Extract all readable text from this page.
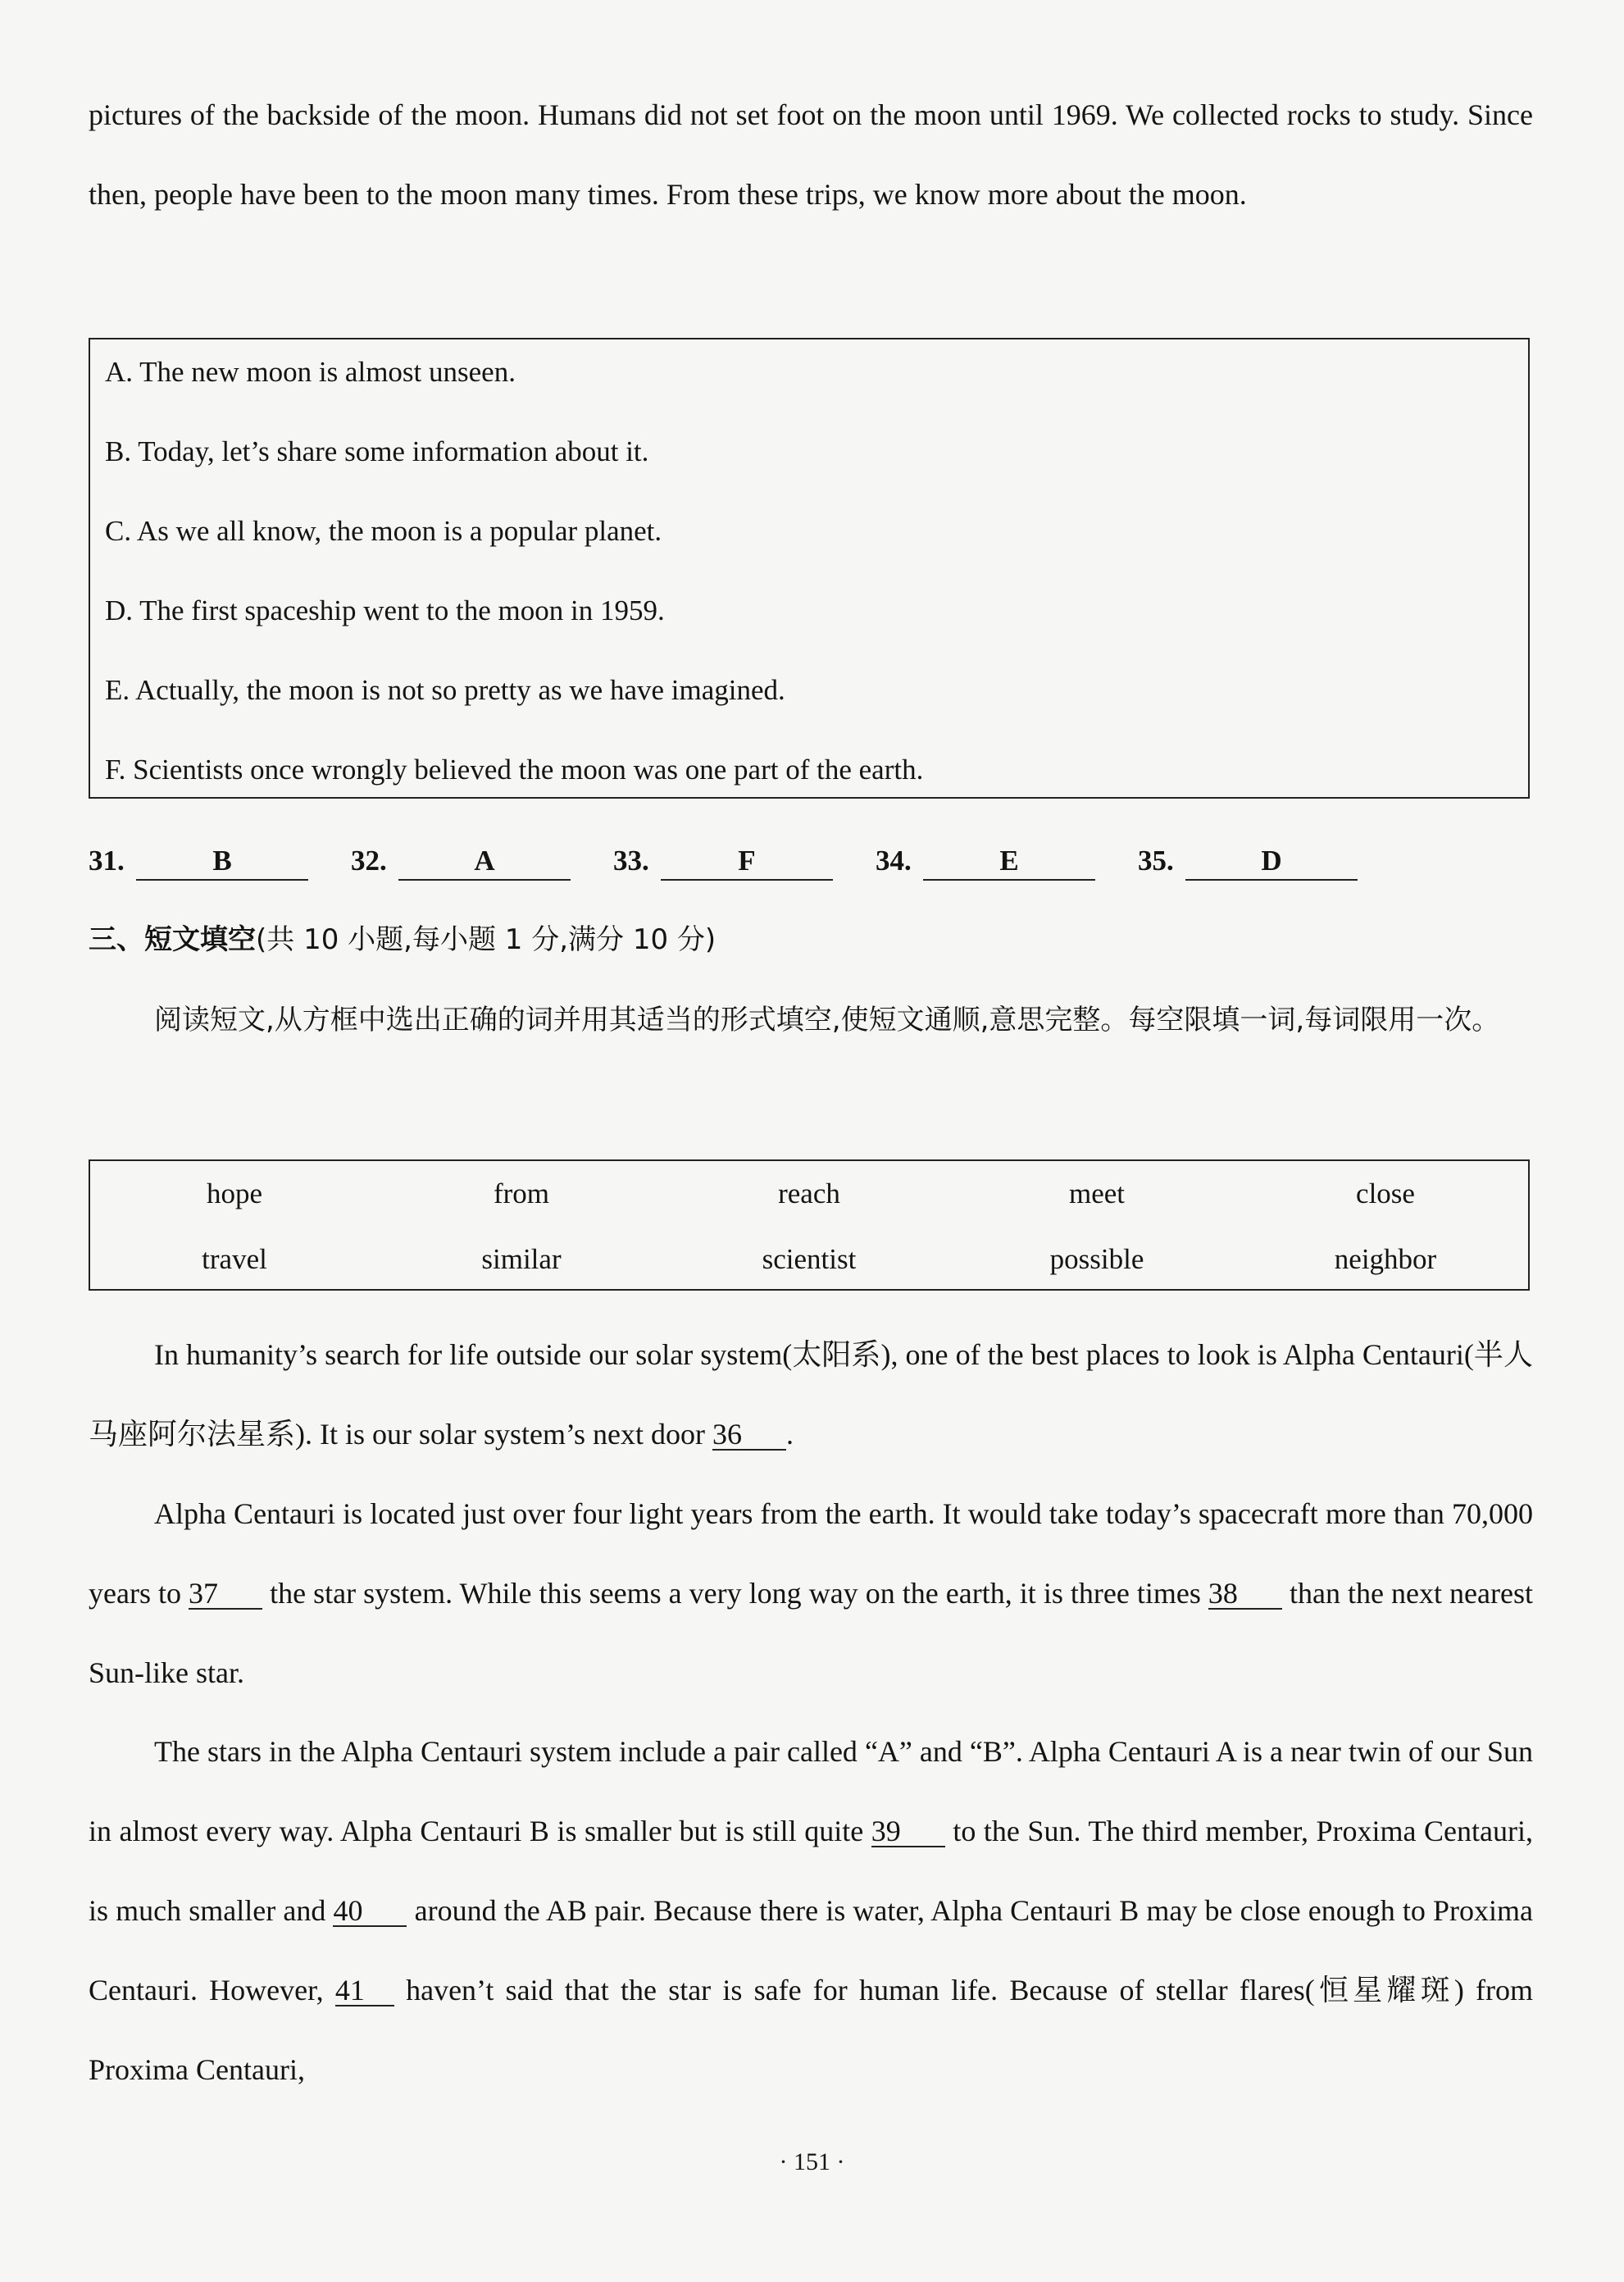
pictures of the backside of the moon. Humans did not set foot on the moon until 1969. We collected rocks to study. Since then, people have been to the moon many times. From these trips, we know more about the moon.

A. The new moon is almost unseen.
B. Today, let’s share some information about it.
C. As we all know, the moon is a popular planet.
D. The first spaceship went to the moon in 1959.
E. Actually, the moon is not so pretty as we have imagined.
F. Scientists once wrongly believed the moon was one part of the earth.
31.	B	32.	A	33.	F	34.	E	35.	D
三、短文填空(共 10 小题,每小题 1 分,满分 10 分)

阅读短文,从方框中选出正确的词并用其适当的形式填空,使短文通顺,意思完整。每空限填一词,每词限用一次。

hope	from	reach	meet	close
travel	similar	scientist	possible	neighbor

In humanity’s search for life outside our solar system(太阳系), one of the best places to look is Alpha Centauri(半人马座阿尔法星系). It is our solar system’s next door 36 .

Alpha Centauri is located just over four light years from the earth. It would take today’s spacecraft more than 70,000 years to 37 the star system. While this seems a very long way on the earth, it is three times 38 than the next nearest Sun-like star.

The stars in the Alpha Centauri system include a pair called “A” and “B”. Alpha Centauri A is a near twin of our Sun in almost every way. Alpha Centauri B is smaller but is still quite 39 to the Sun. The third member, Proxima Centauri, is much smaller and 40 around the AB pair. Because there is water, Alpha Centauri B may be close enough to Proxima Centauri. However, 41 haven’t said that the star is safe for human life. Because of stellar flares(恒星耀斑) from Proxima Centauri,

· 151 ·
